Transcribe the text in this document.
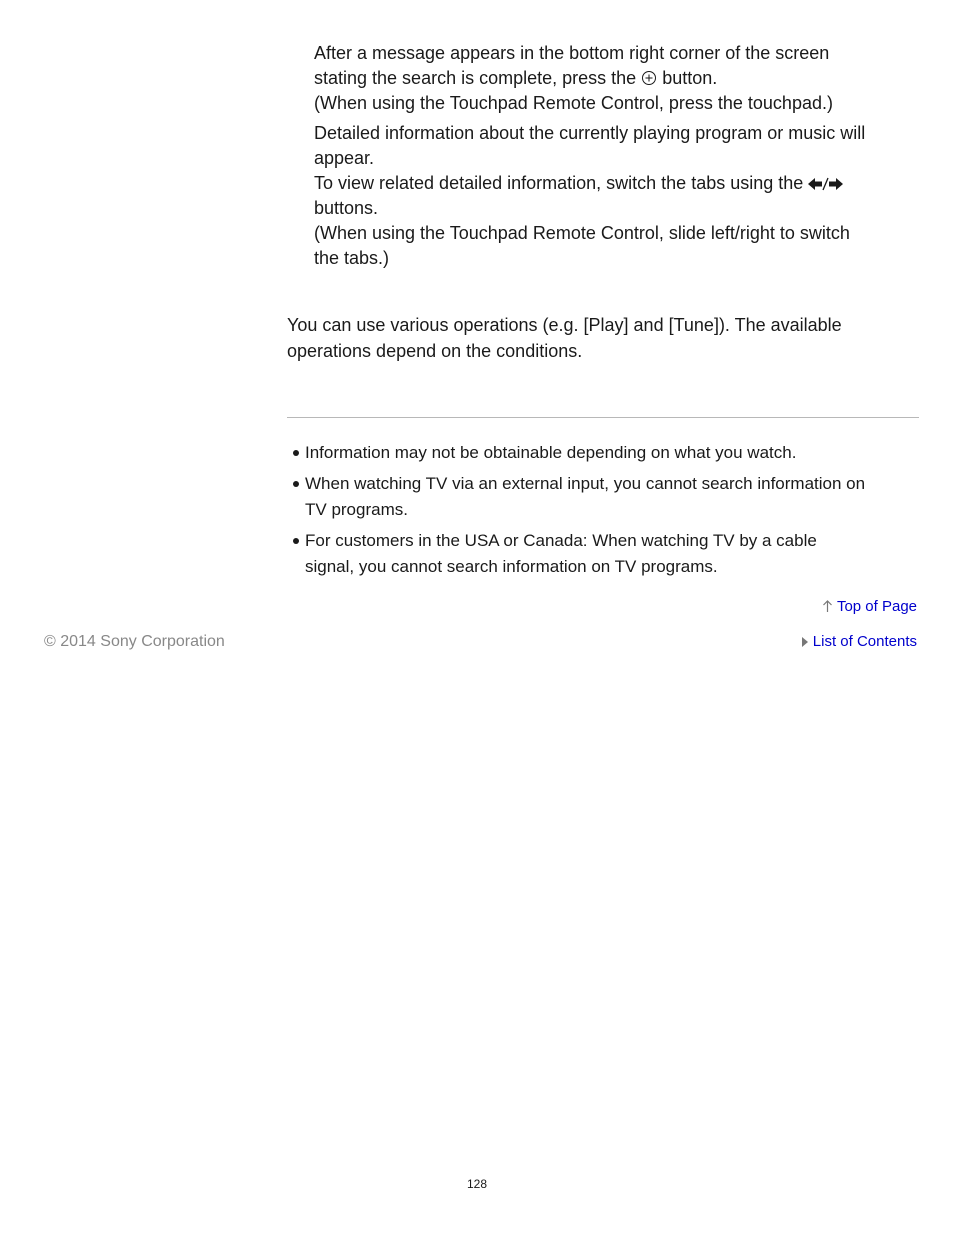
After a message appears in the bottom right corner of the screen

stating the search is complete, press the button.

(When using the Touchpad Remote Control, press the touchpad.)

Detailed information about the currently playing program or music will

appear.

To view related detailed information, switch the tabs using the

buttons.

(When using the Touchpad Remote Control, slide left/right to switch

the tabs.)

You can use various operations (e.g. [Play] and [Tune]). The available
operations depend on the conditions.

Information may not be obtainable depending on what you watch.
When watching TV via an external input, you cannot search information on
TV programs.
For customers in the USA or Canada: When watching TV by a cable
signal, you cannot search information on TV programs.
Top of Page

© 2014 Sony Corporation	List of Contents

128
